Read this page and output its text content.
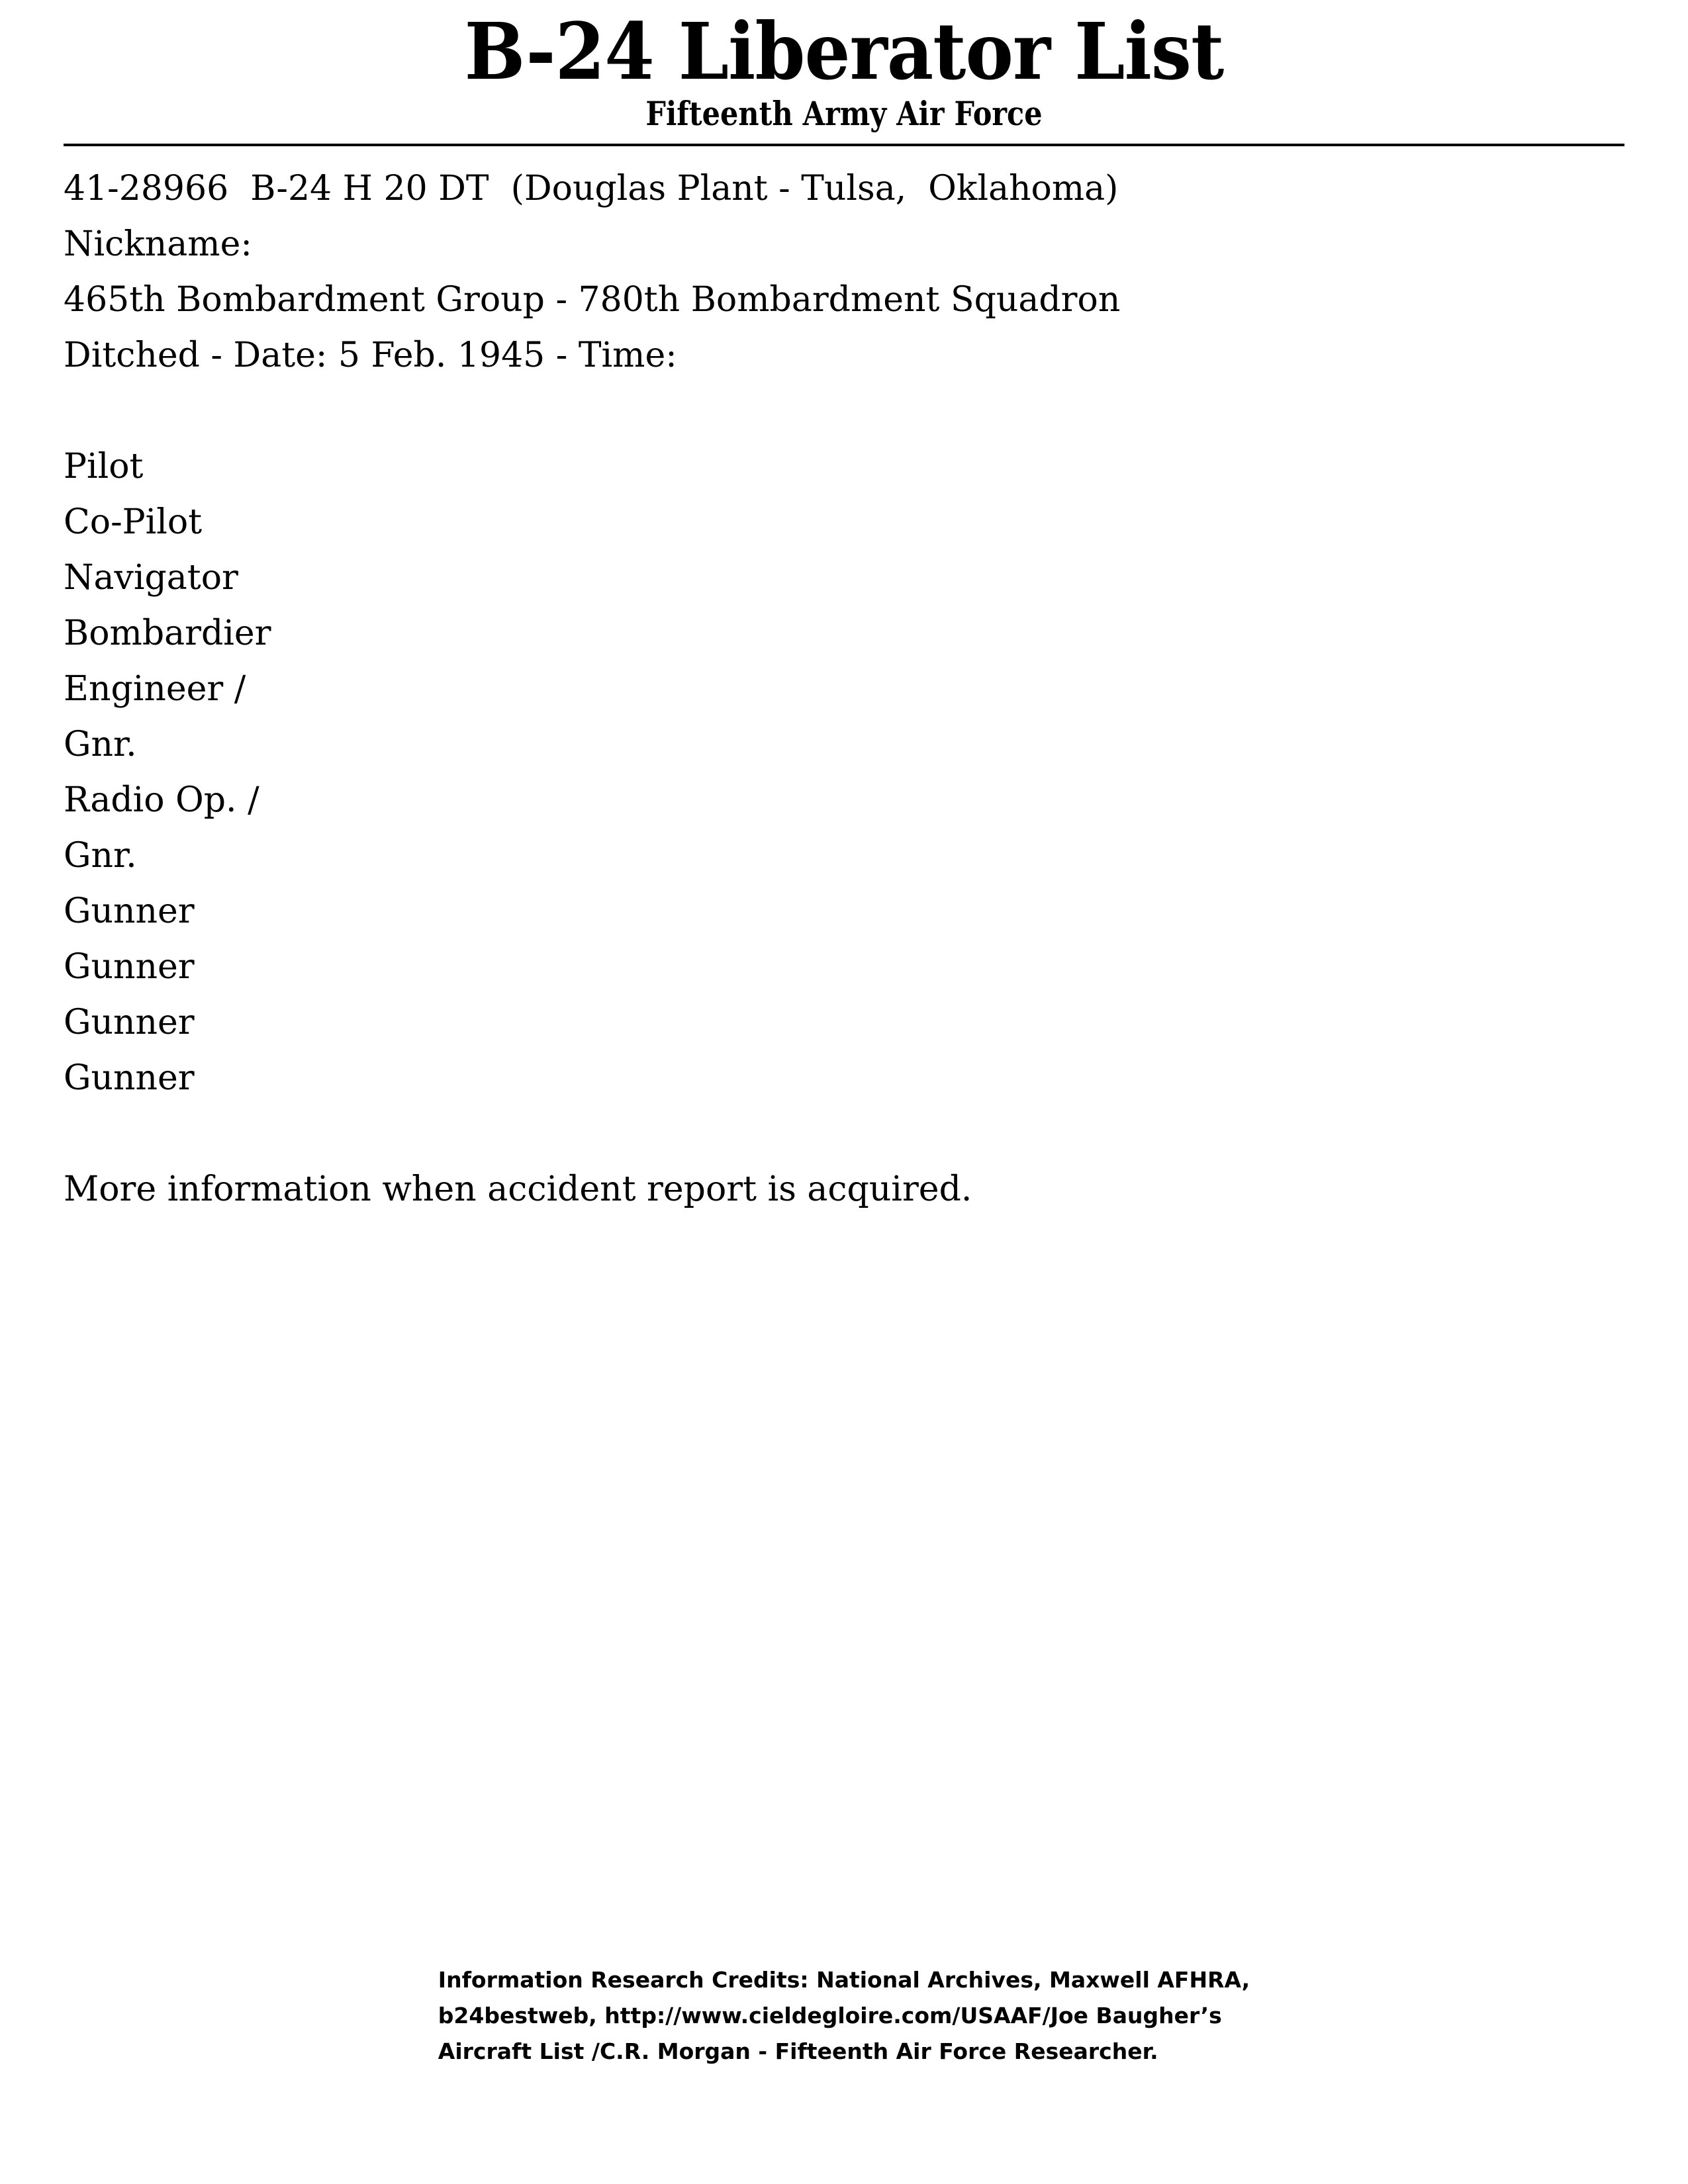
B-24 Liberator List
Fifteenth Army Air Force
41-28966  B-24 H 20 DT  (Douglas Plant - Tulsa,  Oklahoma)
Nickname:
465th Bombardment Group - 780th Bombardment Squadron
Ditched - Date: 5 Feb. 1945 - Time:
Pilot
Co-Pilot
Navigator
Bombardier
Engineer /
Gnr.
Radio Op. /
Gnr.
Gunner
Gunner
Gunner
Gunner
More information when accident report is acquired.
Information Research Credits: National Archives, Maxwell AFHRA,
b24bestweb, http://www.cieldegloire.com/USAAF/Joe Baugher’s
Aircraft List /C.R. Morgan - Fifteenth Air Force Researcher.
